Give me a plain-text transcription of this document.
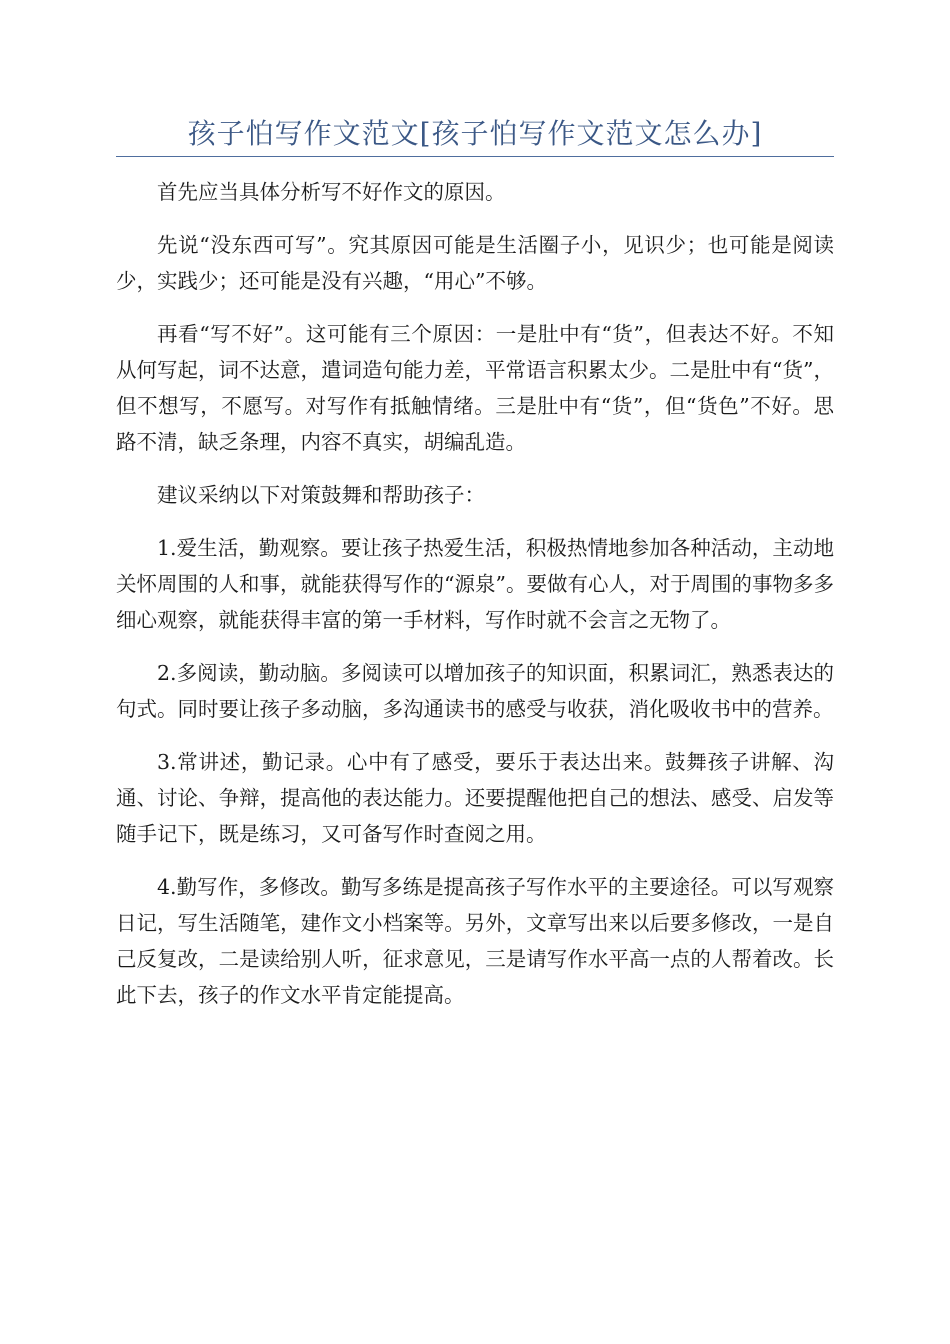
孩子怕写作文范文[孩子怕写作文范文怎么办]

首先应当具体分析写不好作文的原因。

先说“没东西可写”。究其原因可能是生活圈子小，见识少；也可能是阅读少，实践少；还可能是没有兴趣，“用心”不够。

再看“写不好”。这可能有三个原因：一是肚中有“货”，但表达不好。不知从何写起，词不达意，遣词造句能力差，平常语言积累太少。二是肚中有“货”，但不想写，不愿写。对写作有抵触情绪。三是肚中有“货”，但“货色”不好。思路不清，缺乏条理，内容不真实，胡编乱造。

建议采纳以下对策鼓舞和帮助孩子：

1.爱生活，勤观察。要让孩子热爱生活，积极热情地参加各种活动，主动地关怀周围的人和事，就能获得写作的“源泉”。要做有心人，对于周围的事物多多细心观察，就能获得丰富的第一手材料，写作时就不会言之无物了。

2.多阅读，勤动脑。多阅读可以增加孩子的知识面，积累词汇，熟悉表达的句式。同时要让孩子多动脑，多沟通读书的感受与收获，消化吸收书中的营养。

3.常讲述，勤记录。心中有了感受，要乐于表达出来。鼓舞孩子讲解、沟通、讨论、争辩，提高他的表达能力。还要提醒他把自己的想法、感受、启发等随手记下，既是练习，又可备写作时查阅之用。

4.勤写作，多修改。勤写多练是提高孩子写作水平的主要途径。可以写观察日记，写生活随笔，建作文小档案等。另外，文章写出来以后要多修改，一是自己反复改，二是读给别人听，征求意见，三是请写作水平高一点的人帮着改。长此下去，孩子的作文水平肯定能提高。
